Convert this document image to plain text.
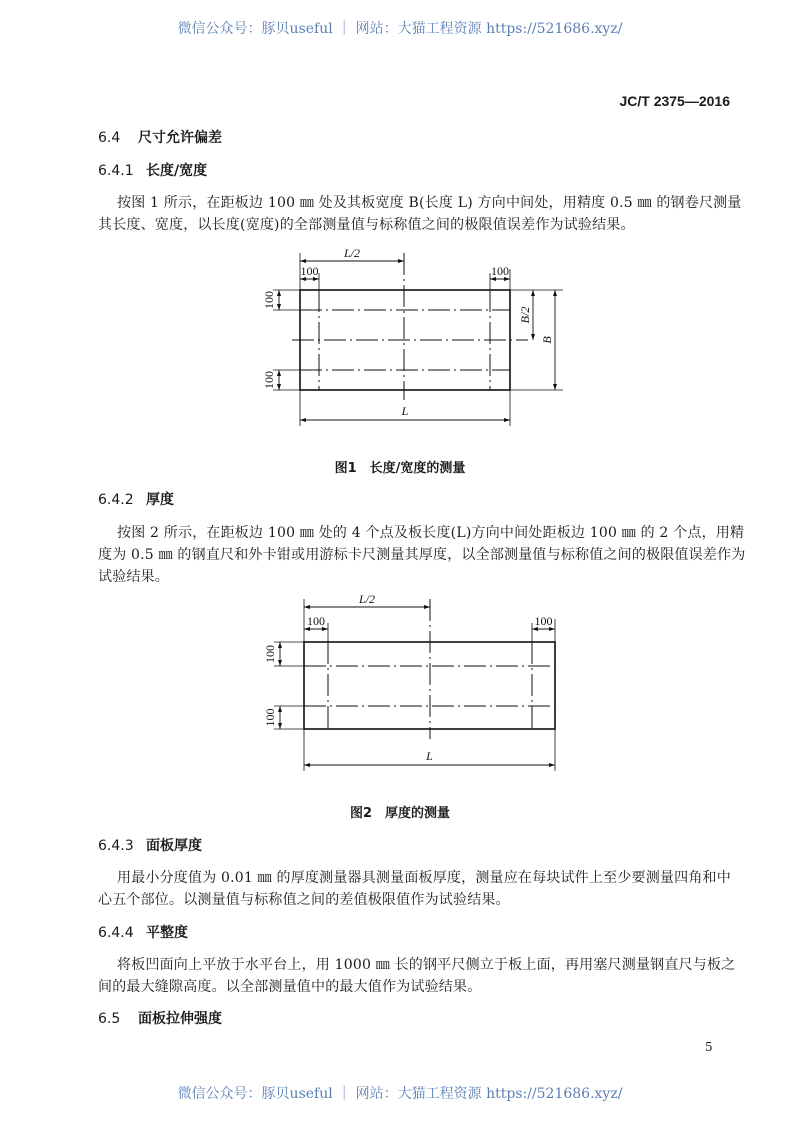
微信公众号：豚贝useful ｜ 网站：大猫工程资源 https://521686.xyz/
JC/T 2375—2016
6.4 尺寸允许偏差
6.4.1 长度/宽度
按图 1 所示，在距板边 100 ㎜ 处及其板宽度 B(长度 L) 方向中间处，用精度 0.5 ㎜ 的钢卷尺测量
其长度、宽度，以长度(宽度)的全部测量值与标称值之间的极限值误差作为试验结果。
L/2
100	100
100
100
L
B/2
B
L/2
100	100
100
100
L
图1　长度/宽度的测量
6.4.2 厚度
按图 2 所示，在距板边 100 ㎜ 处的 4 个点及板长度(L)方向中间处距板边 100 ㎜ 的 2 个点，用精
度为 0.5 ㎜ 的钢直尺和外卡钳或用游标卡尺测量其厚度，以全部测量值与标称值之间的极限值误差作为
试验结果。
图2　厚度的测量
6.4.3 面板厚度
用最小分度值为 0.01 ㎜ 的厚度测量器具测量面板厚度，测量应在每块试件上至少要测量四角和中
心五个部位。以测量值与标称值之间的差值极限值作为试验结果。
6.4.4 平整度
将板凹面向上平放于水平台上，用 1000 ㎜ 长的钢平尺侧立于板上面，再用塞尺测量钢直尺与板之
间的最大缝隙高度。以全部测量值中的最大值作为试验结果。
6.5 面板拉伸强度
5
微信公众号：豚贝useful ｜ 网站：大猫工程资源 https://521686.xyz/
